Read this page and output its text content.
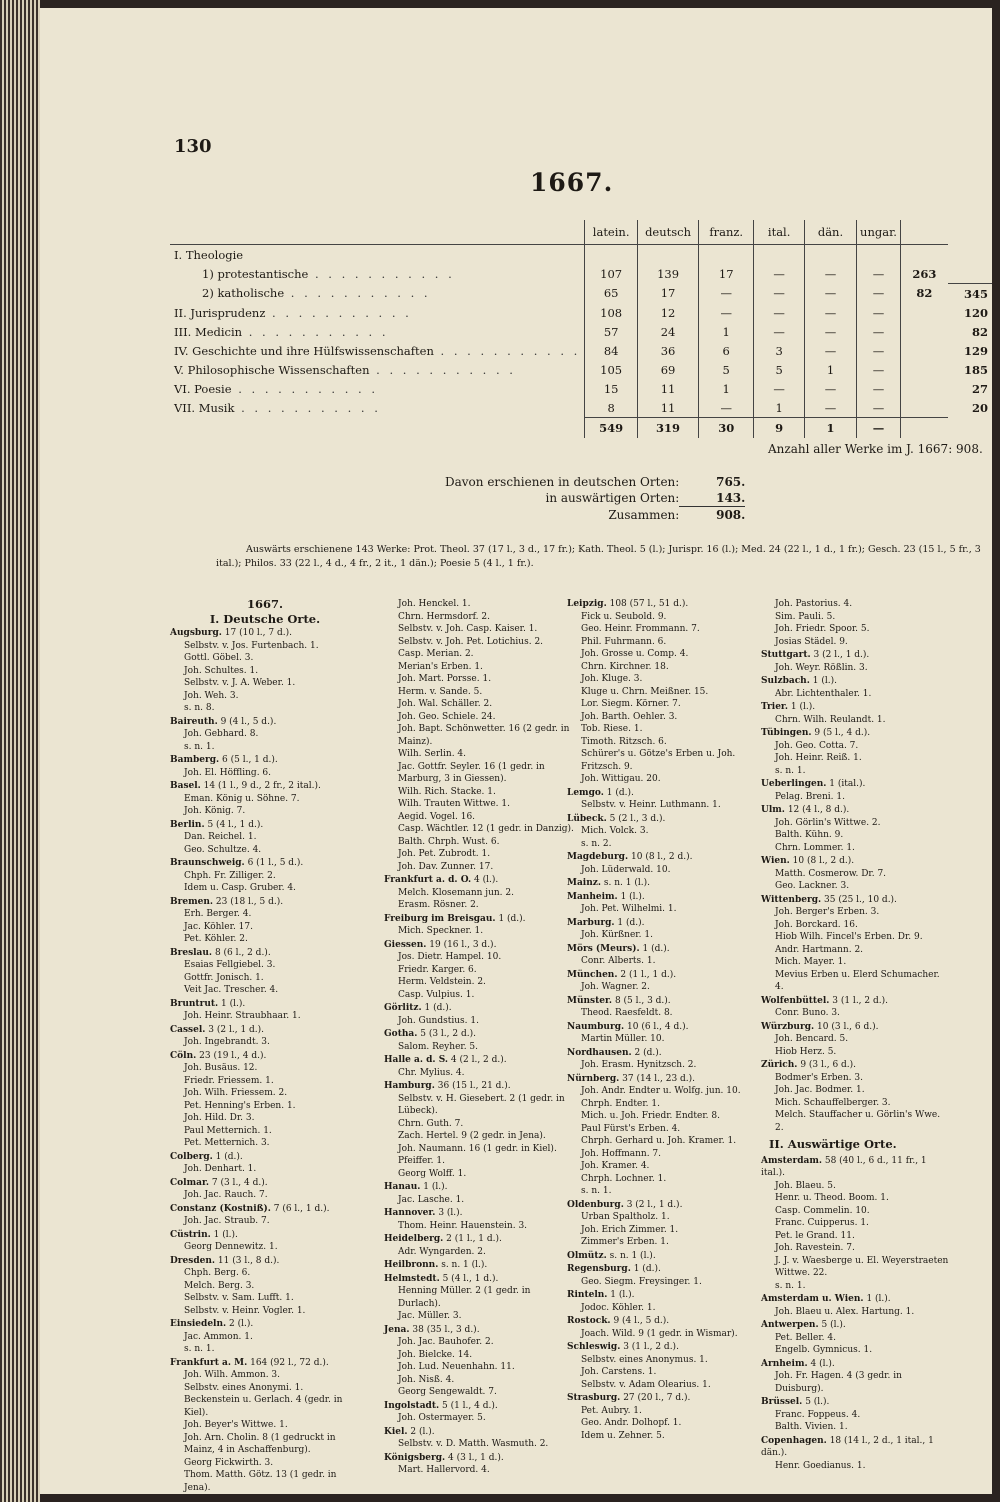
130
1667.
	latein.	deutsch	franz.	ital.	dän.	ungar.		
I. Theologie								
1) protestantische . . . . . . . . . . .	107	139	17	—	—	—	263	
2) katholische . . . . . . . . . . .	65	17	—	—	—	—	82	345
II. Jurisprudenz . . . . . . . . . . .	108	12	—	—	—	—		120
III. Medicin . . . . . . . . . . .	57	24	1	—	—	—		82
IV. Geschichte und ihre Hülfswissenschaften . . . . . . . . . . .	84	36	6	3	—	—		129
V. Philosophische Wissenschaften . . . . . . . . . . .	105	69	5	5	1	—		185
VI. Poesie . . . . . . . . . . .	15	11	1	—	—	—		27
VII. Musik . . . . . . . . . . .	8	11	—	1	—	—		20
	549	319	30	9	1	—		
Anzahl aller Werke im J. 1667: 908.
Davon erschienen in deutschen Orten:	765.
in auswärtigen Orten:	143.
Zusammen:	908.
Auswärts erschienene 143 Werke: Prot. Theol. 37 (17 l., 3 d., 17 fr.); Kath. Theol. 5 (l.); Jurispr. 16 (l.); Med. 24 (22 l., 1 d., 1 fr.); Gesch. 23 (15 l., 5 fr., 3 ital.); Philos. 33 (22 l., 4 d., 4 fr., 2 it., 1 dän.); Poesie 5 (4 l., 1 fr.).
1667.
I. Deutsche Orte.
Augsburg. 17 (10 l., 7 d.).
Selbstv. v. Jos. Furtenbach. 1.
Gottl. Göbel. 3.
Joh. Schultes. 1.
Selbstv. v. J. A. Weber. 1.
Joh. Weh. 3.
s. n. 8.
Baireuth. 9 (4 l., 5 d.).
Joh. Gebhard. 8.
s. n. 1.
Bamberg. 6 (5 l., 1 d.).
Joh. El. Höffling. 6.
Basel. 14 (1 l., 9 d., 2 fr., 2 ital.).
Eman. König u. Söhne. 7.
Joh. König. 7.
Berlin. 5 (4 l., 1 d.).
Dan. Reichel. 1.
Geo. Schultze. 4.
Braunschweig. 6 (1 l., 5 d.).
Chph. Fr. Zilliger. 2.
Idem u. Casp. Gruber. 4.
Bremen. 23 (18 l., 5 d.).
Erh. Berger. 4.
Jac. Köhler. 17.
Pet. Köhler. 2.
Breslau. 8 (6 l., 2 d.).
Esaias Fellgiebel. 3.
Gottfr. Jonisch. 1.
Veit Jac. Trescher. 4.
Bruntrut. 1 (l.).
Joh. Heinr. Straubhaar. 1.
Cassel. 3 (2 l., 1 d.).
Joh. Ingebrandt. 3.
Cöln. 23 (19 l., 4 d.).
Joh. Busäus. 12.
Friedr. Friessem. 1.
Joh. Wilh. Friessem. 2.
Pet. Henning's Erben. 1.
Joh. Hild. Dr. 3.
Paul Metternich. 1.
Pet. Metternich. 3.
Colberg. 1 (d.).
Joh. Denhart. 1.
Colmar. 7 (3 l., 4 d.).
Joh. Jac. Rauch. 7.
Constanz (Kostniß). 7 (6 l., 1 d.).
Joh. Jac. Straub. 7.
Cüstrin. 1 (l.).
Georg Dennewitz. 1.
Dresden. 11 (3 l., 8 d.).
Chph. Berg. 6.
Melch. Berg. 3.
Selbstv. v. Sam. Lufft. 1.
Selbstv. v. Heinr. Vogler. 1.
Einsiedeln. 2 (l.).
Jac. Ammon. 1.
s. n. 1.
Frankfurt a. M. 164 (92 l., 72 d.).
Joh. Wilh. Ammon. 3.
Selbstv. eines Anonymi. 1.
Beckenstein u. Gerlach. 4 (gedr. in Kiel).
Joh. Beyer's Wittwe. 1.
Joh. Arn. Cholin. 8 (1 gedruckt in Mainz, 4 in Aschaffenburg).
Georg Fickwirth. 3.
Thom. Matth. Götz. 13 (1 gedr. in Jena).
Joh. Henckel. 1.
Chrn. Hermsdorf. 2.
Selbstv. v. Joh. Casp. Kaiser. 1.
Selbstv. v. Joh. Pet. Lotichius. 2.
Casp. Merian. 2.
Merian's Erben. 1.
Joh. Mart. Porsse. 1.
Herm. v. Sande. 5.
Joh. Wal. Schäller. 2.
Joh. Geo. Schiele. 24.
Joh. Bapt. Schönwetter. 16 (2 gedr. in Mainz).
Wilh. Serlin. 4.
Jac. Gottfr. Seyler. 16 (1 gedr. in Marburg, 3 in Giessen).
Wilh. Rich. Stacke. 1.
Wilh. Trauten Wittwe. 1.
Aegid. Vogel. 16.
Casp. Wächtler. 12 (1 gedr. in Danzig).
Balth. Chrph. Wust. 6.
Joh. Pet. Zubrodt. 1.
Joh. Dav. Zunner. 17.
Frankfurt a. d. O. 4 (l.).
Melch. Klosemann jun. 2.
Erasm. Rösner. 2.
Freiburg im Breisgau. 1 (d.).
Mich. Speckner. 1.
Giessen. 19 (16 l., 3 d.).
Jos. Dietr. Hampel. 10.
Friedr. Karger. 6.
Herm. Veldstein. 2.
Casp. Vulpius. 1.
Görlitz. 1 (d.).
Joh. Gundstius. 1.
Gotha. 5 (3 l., 2 d.).
Salom. Reyher. 5.
Halle a. d. S. 4 (2 l., 2 d.).
Chr. Mylius. 4.
Hamburg. 36 (15 l., 21 d.).
Selbstv. v. H. Giesebert. 2 (1 gedr. in Lübeck).
Chrn. Guth. 7.
Zach. Hertel. 9 (2 gedr. in Jena).
Joh. Naumann. 16 (1 gedr. in Kiel).
Pfeiffer. 1.
Georg Wolff. 1.
Hanau. 1 (l.).
Jac. Lasche. 1.
Hannover. 3 (l.).
Thom. Heinr. Hauenstein. 3.
Heidelberg. 2 (1 l., 1 d.).
Adr. Wyngarden. 2.
Heilbronn. s. n. 1 (l.).
Helmstedt. 5 (4 l., 1 d.).
Henning Müller. 2 (1 gedr. in Durlach).
Jac. Müller. 3.
Jena. 38 (35 l., 3 d.).
Joh. Jac. Bauhofer. 2.
Joh. Bielcke. 14.
Joh. Lud. Neuenhahn. 11.
Joh. Nisß. 4.
Georg Sengewaldt. 7.
Ingolstadt. 5 (1 l., 4 d.).
Joh. Ostermayer. 5.
Kiel. 2 (l.).
Selbstv. v. D. Matth. Wasmuth. 2.
Königsberg. 4 (3 l., 1 d.).
Mart. Hallervord. 4.
Leipzig. 108 (57 l., 51 d.).
Fick u. Seubold. 9.
Geo. Heinr. Frommann. 7.
Phil. Fuhrmann. 6.
Joh. Grosse u. Comp. 4.
Chrn. Kirchner. 18.
Joh. Kluge. 3.
Kluge u. Chrn. Meißner. 15.
Lor. Siegm. Körner. 7.
Joh. Barth. Oehler. 3.
Tob. Riese. 1.
Timoth. Ritzsch. 6.
Schürer's u. Götze's Erben u. Joh. Fritzsch. 9.
Joh. Wittigau. 20.
Lemgo. 1 (d.).
Selbstv. v. Heinr. Luthmann. 1.
Lübeck. 5 (2 l., 3 d.).
Mich. Volck. 3.
s. n. 2.
Magdeburg. 10 (8 l., 2 d.).
Joh. Lüderwald. 10.
Mainz. s. n. 1 (l.).
Manheim. 1 (l.).
Joh. Pet. Wilhelmi. 1.
Marburg. 1 (d.).
Joh. Kürßner. 1.
Mörs (Meurs). 1 (d.).
Conr. Alberts. 1.
München. 2 (1 l., 1 d.).
Joh. Wagner. 2.
Münster. 8 (5 l., 3 d.).
Theod. Raesfeldt. 8.
Naumburg. 10 (6 l., 4 d.).
Martin Müller. 10.
Nordhausen. 2 (d.).
Joh. Erasm. Hynitzsch. 2.
Nürnberg. 37 (14 l., 23 d.).
Joh. Andr. Endter u. Wolfg. jun. 10.
Chrph. Endter. 1.
Mich. u. Joh. Friedr. Endter. 8.
Paul Fürst's Erben. 4.
Chrph. Gerhard u. Joh. Kramer. 1.
Joh. Hoffmann. 7.
Joh. Kramer. 4.
Chrph. Lochner. 1.
s. n. 1.
Oldenburg. 3 (2 l., 1 d.).
Urban Spaltholz. 1.
Joh. Erich Zimmer. 1.
Zimmer's Erben. 1.
Olmütz. s. n. 1 (l.).
Regensburg. 1 (d.).
Geo. Siegm. Freysinger. 1.
Rinteln. 1 (l.).
Jodoc. Köhler. 1.
Rostock. 9 (4 l., 5 d.).
Joach. Wild. 9 (1 gedr. in Wismar).
Schleswig. 3 (1 l., 2 d.).
Selbstv. eines Anonymus. 1.
Joh. Carstens. 1.
Selbstv. v. Adam Olearius. 1.
Strasburg. 27 (20 l., 7 d.).
Pet. Aubry. 1.
Geo. Andr. Dolhopf. 1.
Idem u. Zehner. 5.
Joh. Pastorius. 4.
Sim. Pauli. 5.
Joh. Friedr. Spoor. 5.
Josias Städel. 9.
Stuttgart. 3 (2 l., 1 d.).
Joh. Weyr. Rößlin. 3.
Sulzbach. 1 (l.).
Abr. Lichtenthaler. 1.
Trier. 1 (l.).
Chrn. Wilh. Reulandt. 1.
Tübingen. 9 (5 l., 4 d.).
Joh. Geo. Cotta. 7.
Joh. Heinr. Reiß. 1.
s. n. 1.
Ueberlingen. 1 (ital.).
Pelag. Breni. 1.
Ulm. 12 (4 l., 8 d.).
Joh. Görlin's Wittwe. 2.
Balth. Kühn. 9.
Chrn. Lommer. 1.
Wien. 10 (8 l., 2 d.).
Matth. Cosmerow. Dr. 7.
Geo. Lackner. 3.
Wittenberg. 35 (25 l., 10 d.).
Joh. Berger's Erben. 3.
Joh. Borckard. 16.
Hiob Wilh. Fincel's Erben. Dr. 9.
Andr. Hartmann. 2.
Mich. Mayer. 1.
Mevius Erben u. Elerd Schumacher. 4.
Wolfenbüttel. 3 (1 l., 2 d.).
Conr. Buno. 3.
Würzburg. 10 (3 l., 6 d.).
Joh. Bencard. 5.
Hiob Herz. 5.
Zürich. 9 (3 l., 6 d.).
Bodmer's Erben. 3.
Joh. Jac. Bodmer. 1.
Mich. Schauffelberger. 3.
Melch. Stauffacher u. Görlin's Wwe. 2.
II. Auswärtige Orte.
Amsterdam. 58 (40 l., 6 d., 11 fr., 1 ital.).
Joh. Blaeu. 5.
Henr. u. Theod. Boom. 1.
Casp. Commelin. 10.
Franc. Cuipperus. 1.
Pet. le Grand. 11.
Joh. Ravestein. 7.
J. J. v. Waesberge u. El. Weyerstraeten Wittwe. 22.
s. n. 1.
Amsterdam u. Wien. 1 (l.).
Joh. Blaeu u. Alex. Hartung. 1.
Antwerpen. 5 (l.).
Pet. Beller. 4.
Engelb. Gymnicus. 1.
Arnheim. 4 (l.).
Joh. Fr. Hagen. 4 (3 gedr. in Duisburg).
Brüssel. 5 (l.).
Franc. Foppeus. 4.
Balth. Vivien. 1.
Copenhagen. 18 (14 l., 2 d., 1 ital., 1 dän.).
Henr. Goedianus. 1.
